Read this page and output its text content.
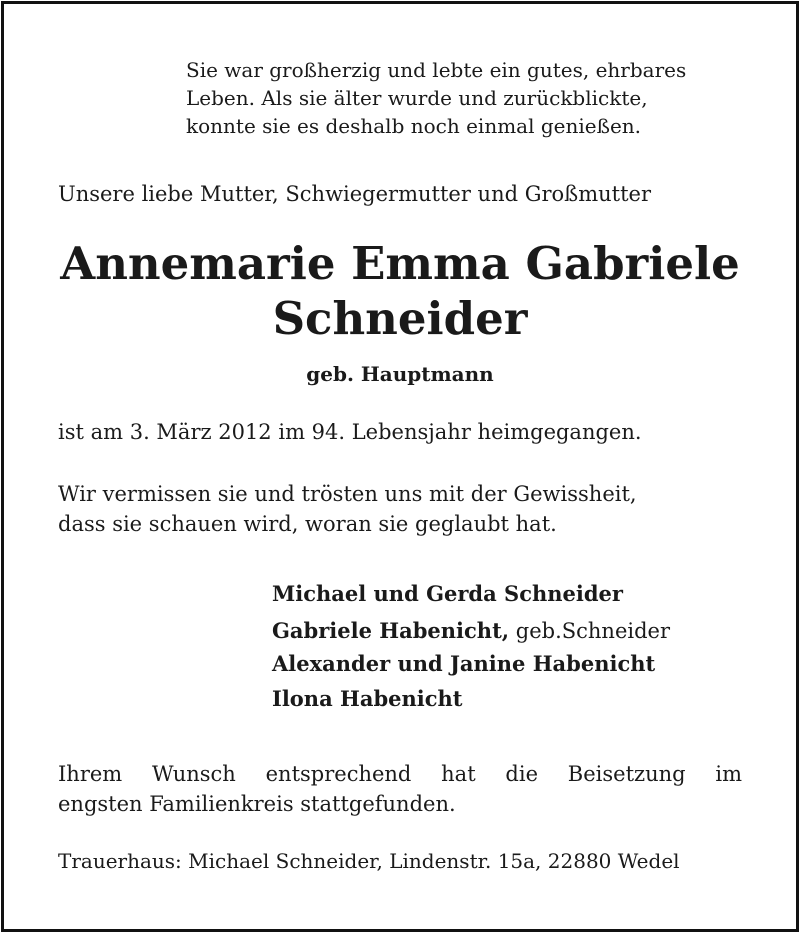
Sie war großherzig und lebte ein gutes, ehrbares
Leben. Als sie älter wurde und zurückblickte,
konnte sie es deshalb noch einmal genießen.
Unsere liebe Mutter, Schwiegermutter und Großmutter
Annemarie Emma Gabriele
Schneider
geb. Hauptmann
ist am 3. März 2012 im 94. Lebensjahr heimgegangen.
Wir vermissen sie und trösten uns mit der Gewissheit,
dass sie schauen wird, woran sie geglaubt hat.
Michael und Gerda Schneider
Gabriele Habenicht, geb.Schneider
Alexander und Janine Habenicht
Ilona Habenicht
Ihrem Wunsch entsprechend hat die Beisetzung im
engsten Familienkreis stattgefunden.
Trauerhaus: Michael Schneider, Lindenstr. 15a, 22880 Wedel
